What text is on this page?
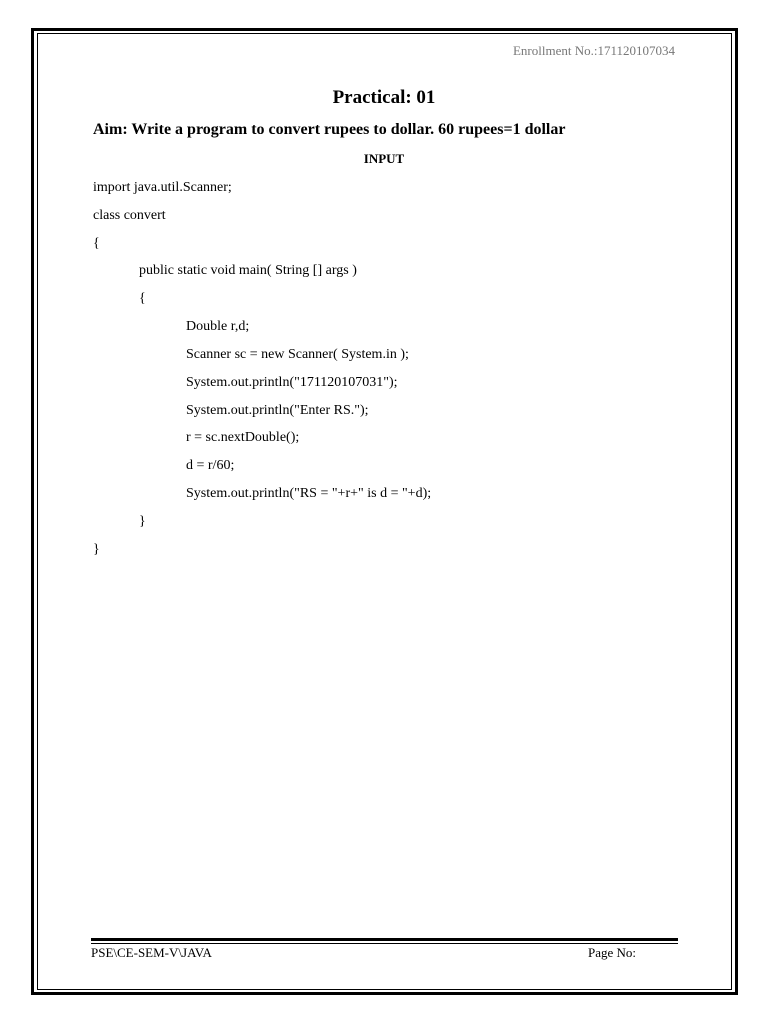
Enrollment No.:171120107034
Practical: 01
Aim: Write a program to convert rupees to dollar. 60 rupees=1 dollar
INPUT
import java.util.Scanner;
class convert
{
public static void main( String [] args )
{
Double r,d;
Scanner sc = new Scanner( System.in );
System.out.println("171120107031");
System.out.println("Enter RS.");
r = sc.nextDouble();
d = r/60;
System.out.println("RS = "+r+" is d = "+d);
}
}
PSE\CE-SEM-V\JAVA	Page No:
